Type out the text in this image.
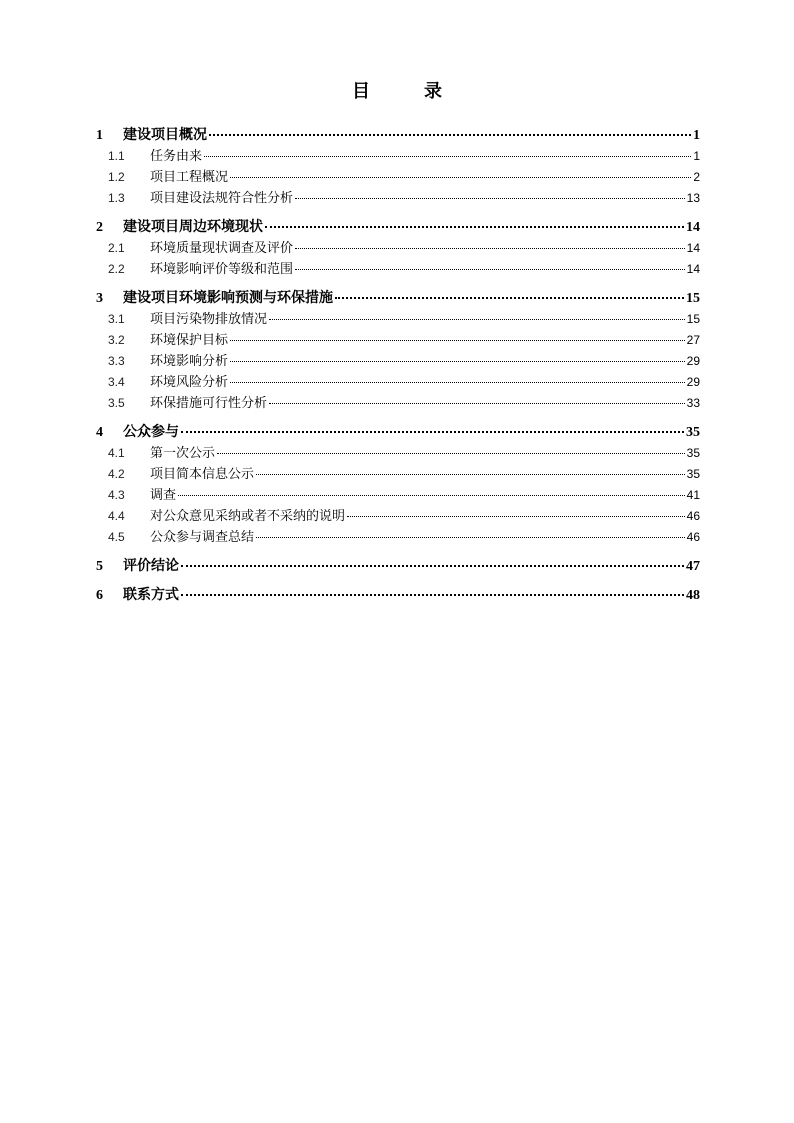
目　录
1	建设项目概况	1
1.1	任务由来	1
1.2	项目工程概况	2
1.3	项目建设法规符合性分析	13
2	建设项目周边环境现状	14
2.1	环境质量现状调查及评价	14
2.2	环境影响评价等级和范围	14
3	建设项目环境影响预测与环保措施	15
3.1	项目污染物排放情况	15
3.2	环境保护目标	27
3.3	环境影响分析	29
3.4	环境风险分析	29
3.5	环保措施可行性分析	33
4	公众参与	35
4.1	第一次公示	35
4.2	项目简本信息公示	35
4.3	调查	41
4.4	对公众意见采纳或者不采纳的说明	46
4.5	公众参与调查总结	46
5	评价结论	47
6	联系方式	48
